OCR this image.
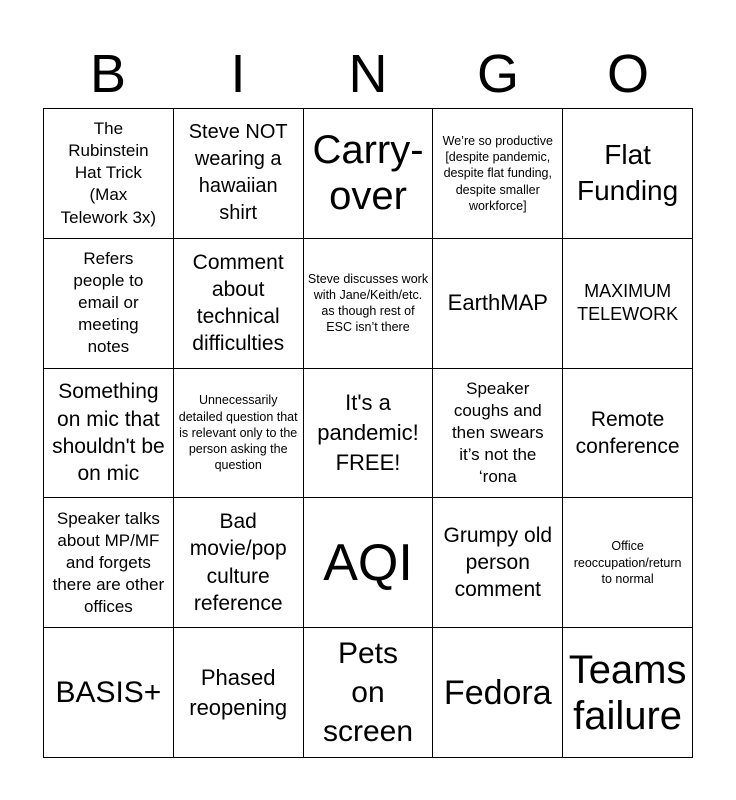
B	I	N	G	O
The Rubinstein Hat Trick (Max Telework 3x)
Steve NOT wearing a hawaiian shirt
Carry-over
We’re so productive [despite pandemic, despite flat funding, despite smaller workforce]
Flat Funding
Refers people to email or meeting notes
Comment about technical difficulties
Steve discusses work with Jane/Keith/etc. as though rest of ESC isn’t there
EarthMAP	MAXIMUM TELEWORK
Something on mic that shouldn't be on mic
Unnecessarily detailed question that is relevant only to the person asking the question
It's a pandemic! FREE!
Speaker coughs and then swears it’s not the ‘rona
Remote conference
Speaker talks about MP/MF and forgets there are other offices
Bad movie/pop culture reference
AQI	Grumpy old person comment
Office reoccupation/return to normal
BASIS+	Phased reopening
Pets on screen
Fedora
Teams failure
